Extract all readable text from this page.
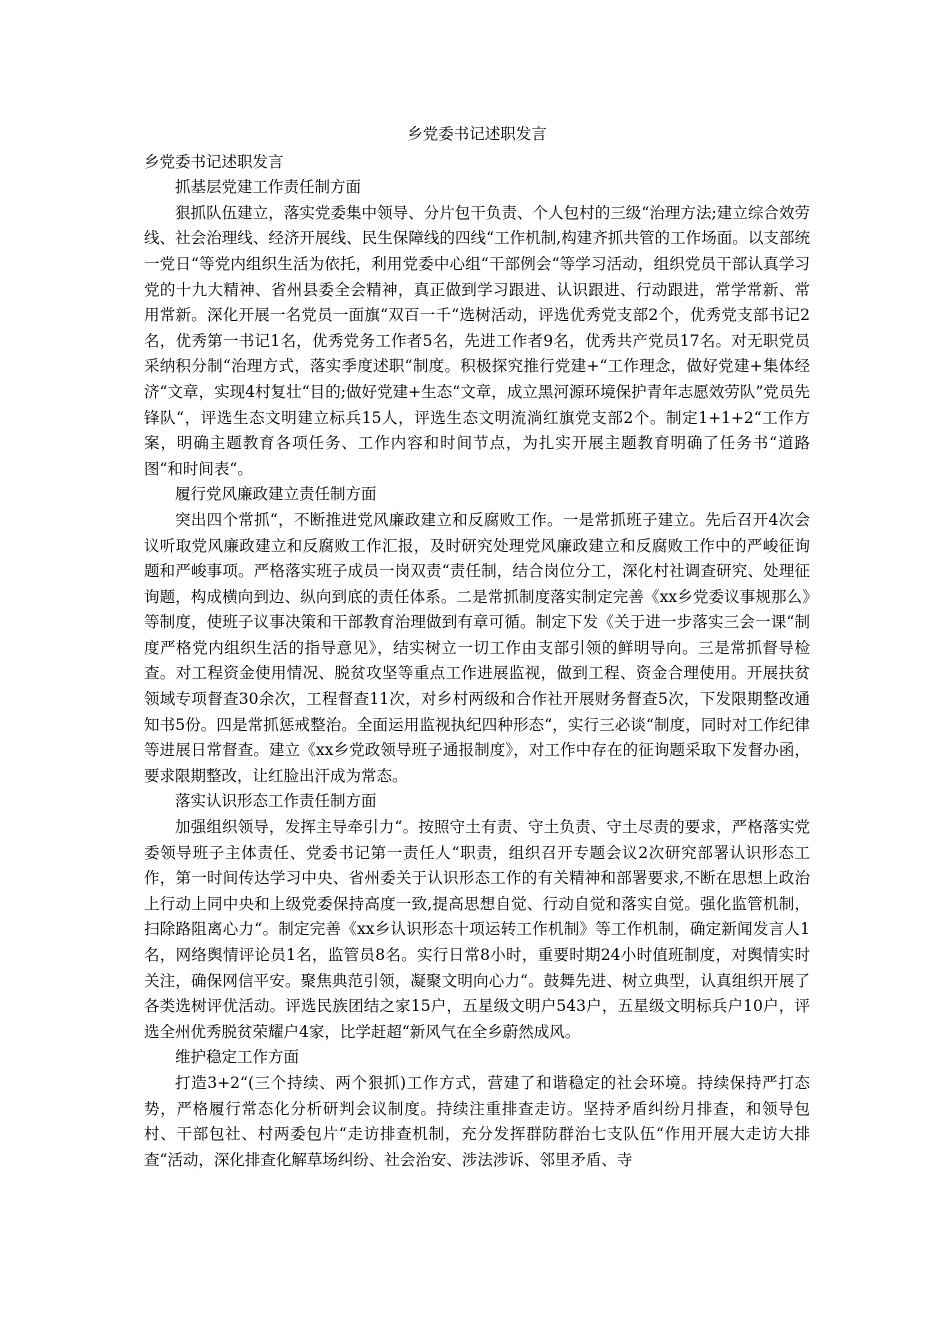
乡党委书记述职发言
乡党委书记述职发言
抓基层党建工作责任制方面
狠抓队伍建立，落实党委集中领导、分片包干负责、个人包村的三级“治理方法;建立综合效劳线、社会治理线、经济开展线、民生保障线的四线“工作机制,构建齐抓共管的工作场面。以支部统一党日“等党内组织生活为依托，利用党委中心组“干部例会“等学习活动，组织党员干部认真学习党的十九大精神、省州县委全会精神，真正做到学习跟进、认识跟进、行动跟进，常学常新、常用常新。深化开展一名党员一面旗“双百一千“选树活动，评选优秀党支部2个，优秀党支部书记2名，优秀第一书记1名，优秀党务工作者5名，先进工作者9名，优秀共产党员17名。对无职党员采纳积分制“治理方式，落实季度述职“制度。积极探究推行党建+“工作理念，做好党建+集体经济“文章，实现4村复壮“目的;做好党建+生态“文章，成立黑河源环境保护青年志愿效劳队”党员先锋队“，评选生态文明建立标兵15人，评选生态文明流淌红旗党支部2个。制定1+1+2“工作方案，明确主题教育各项任务、工作内容和时间节点，为扎实开展主题教育明确了任务书“道路图“和时间表“。
履行党风廉政建立责任制方面
突出四个常抓“，不断推进党风廉政建立和反腐败工作。一是常抓班子建立。先后召开4次会议听取党风廉政建立和反腐败工作汇报，及时研究处理党风廉政建立和反腐败工作中的严峻征询题和严峻事项。严格落实班子成员一岗双责“责任制，结合岗位分工，深化村社调查研究、处理征询题，构成横向到边、纵向到底的责任体系。二是常抓制度落实制定完善《xx乡党委议事规那么》等制度，使班子议事决策和干部教育治理做到有章可循。制定下发《关于进一步落实三会一课“制度严格党内组织生活的指导意见》，结实树立一切工作由支部引领的鲜明导向。三是常抓督导检查。对工程资金使用情况、脱贫攻坚等重点工作进展监视，做到工程、资金合理使用。开展扶贫领域专项督查30余次，工程督查11次，对乡村两级和合作社开展财务督查5次，下发限期整改通知书5份。四是常抓惩戒整治。全面运用监视执纪四种形态“，实行三必谈“制度，同时对工作纪律等进展日常督查。建立《xx乡党政领导班子通报制度》，对工作中存在的征询题采取下发督办函，要求限期整改，让红脸出汗成为常态。
落实认识形态工作责任制方面
加强组织领导，发挥主导牵引力“。按照守土有责、守土负责、守土尽责的要求，严格落实党委领导班子主体责任、党委书记第一责任人“职责，组织召开专题会议2次研究部署认识形态工作，第一时间传达学习中央、省州委关于认识形态工作的有关精神和部署要求,不断在思想上政治上行动上同中央和上级党委保持高度一致,提高思想自觉、行动自觉和落实自觉。强化监管机制，扫除路阻离心力“。制定完善《xx乡认识形态十项运转工作机制》等工作机制，确定新闻发言人1名，网络舆情评论员1名，监管员8名。实行日常8小时，重要时期24小时值班制度，对舆情实时关注，确保网信平安。聚焦典范引领，凝聚文明向心力“。鼓舞先进、树立典型，认真组织开展了各类选树评优活动。评选民族团结之家15户，五星级文明户543户，五星级文明标兵户10户，评选全州优秀脱贫荣耀户4家，比学赶超“新风气在全乡蔚然成风。
维护稳定工作方面
打造3+2“(三个持续、两个狠抓)工作方式，营建了和谐稳定的社会环境。持续保持严打态势，严格履行常态化分析研判会议制度。持续注重排查走访。坚持矛盾纠纷月排查，和领导包村、干部包社、村两委包片“走访排查机制，充分发挥群防群治七支队伍“作用开展大走访大排查“活动，深化排查化解草场纠纷、社会治安、涉法涉诉、邻里矛盾、寺
